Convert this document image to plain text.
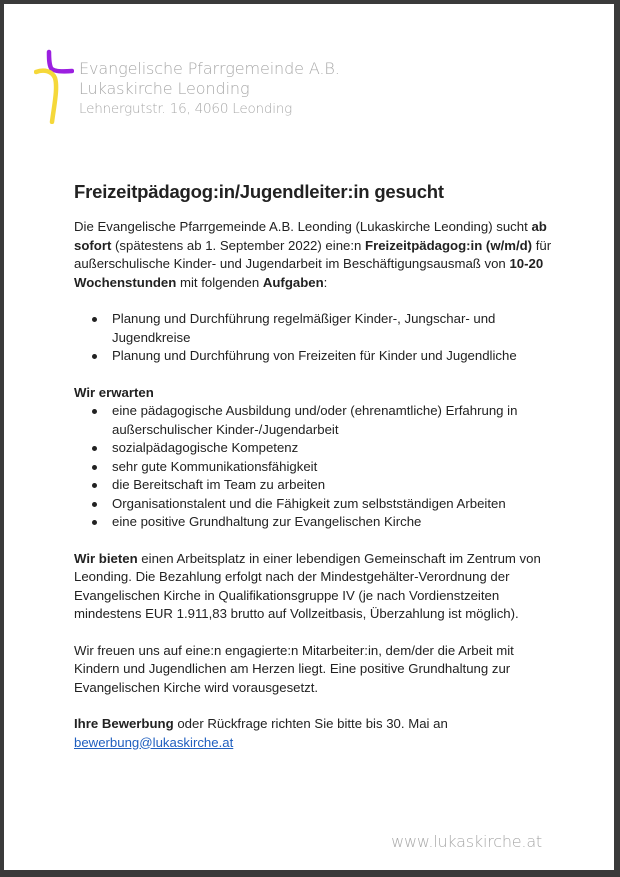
Evangelische Pfarrgemeinde A.B.
Lukaskirche Leonding
Lehnergutstr. 16, 4060 Leonding
Freizeitpädagog:in/Jugendleiter:in gesucht

Die Evangelische Pfarrgemeinde A.B. Leonding (Lukaskirche Leonding) sucht ab sofort (spätestens ab 1. September 2022) eine:n Freizeitpädagog:in (w/m/d) für außerschulische Kinder- und Jugendarbeit im Beschäftigungsausmaß von 10-20 Wochenstunden mit folgenden Aufgaben:

Planung und Durchführung regelmäßiger Kinder-, Jungschar- und Jugendkreise
Planung und Durchführung von Freizeiten für Kinder und Jugendliche

Wir erwarten

eine pädagogische Ausbildung und/oder (ehrenamtliche) Erfahrung in außerschulischer Kinder-/Jugendarbeit
sozialpädagogische Kompetenz
sehr gute Kommunikationsfähigkeit
die Bereitschaft im Team zu arbeiten
Organisationstalent und die Fähigkeit zum selbstständigen Arbeiten
eine positive Grundhaltung zur Evangelischen Kirche

Wir bieten einen Arbeitsplatz in einer lebendigen Gemeinschaft im Zentrum von Leonding. Die Bezahlung erfolgt nach der Mindestgehälter-Verordnung der Evangelischen Kirche in Qualifikationsgruppe IV (je nach Vordienstzeiten mindestens EUR 1.911,83 brutto auf Vollzeitbasis, Überzahlung ist möglich).

Wir freuen uns auf eine:n engagierte:n Mitarbeiter:in, dem/der die Arbeit mit Kindern und Jugendlichen am Herzen liegt. Eine positive Grundhaltung zur Evangelischen Kirche wird vorausgesetzt.

Ihre Bewerbung oder Rückfrage richten Sie bitte bis 30. Mai an
bewerbung@lukaskirche.at

www.lukaskirche.at
